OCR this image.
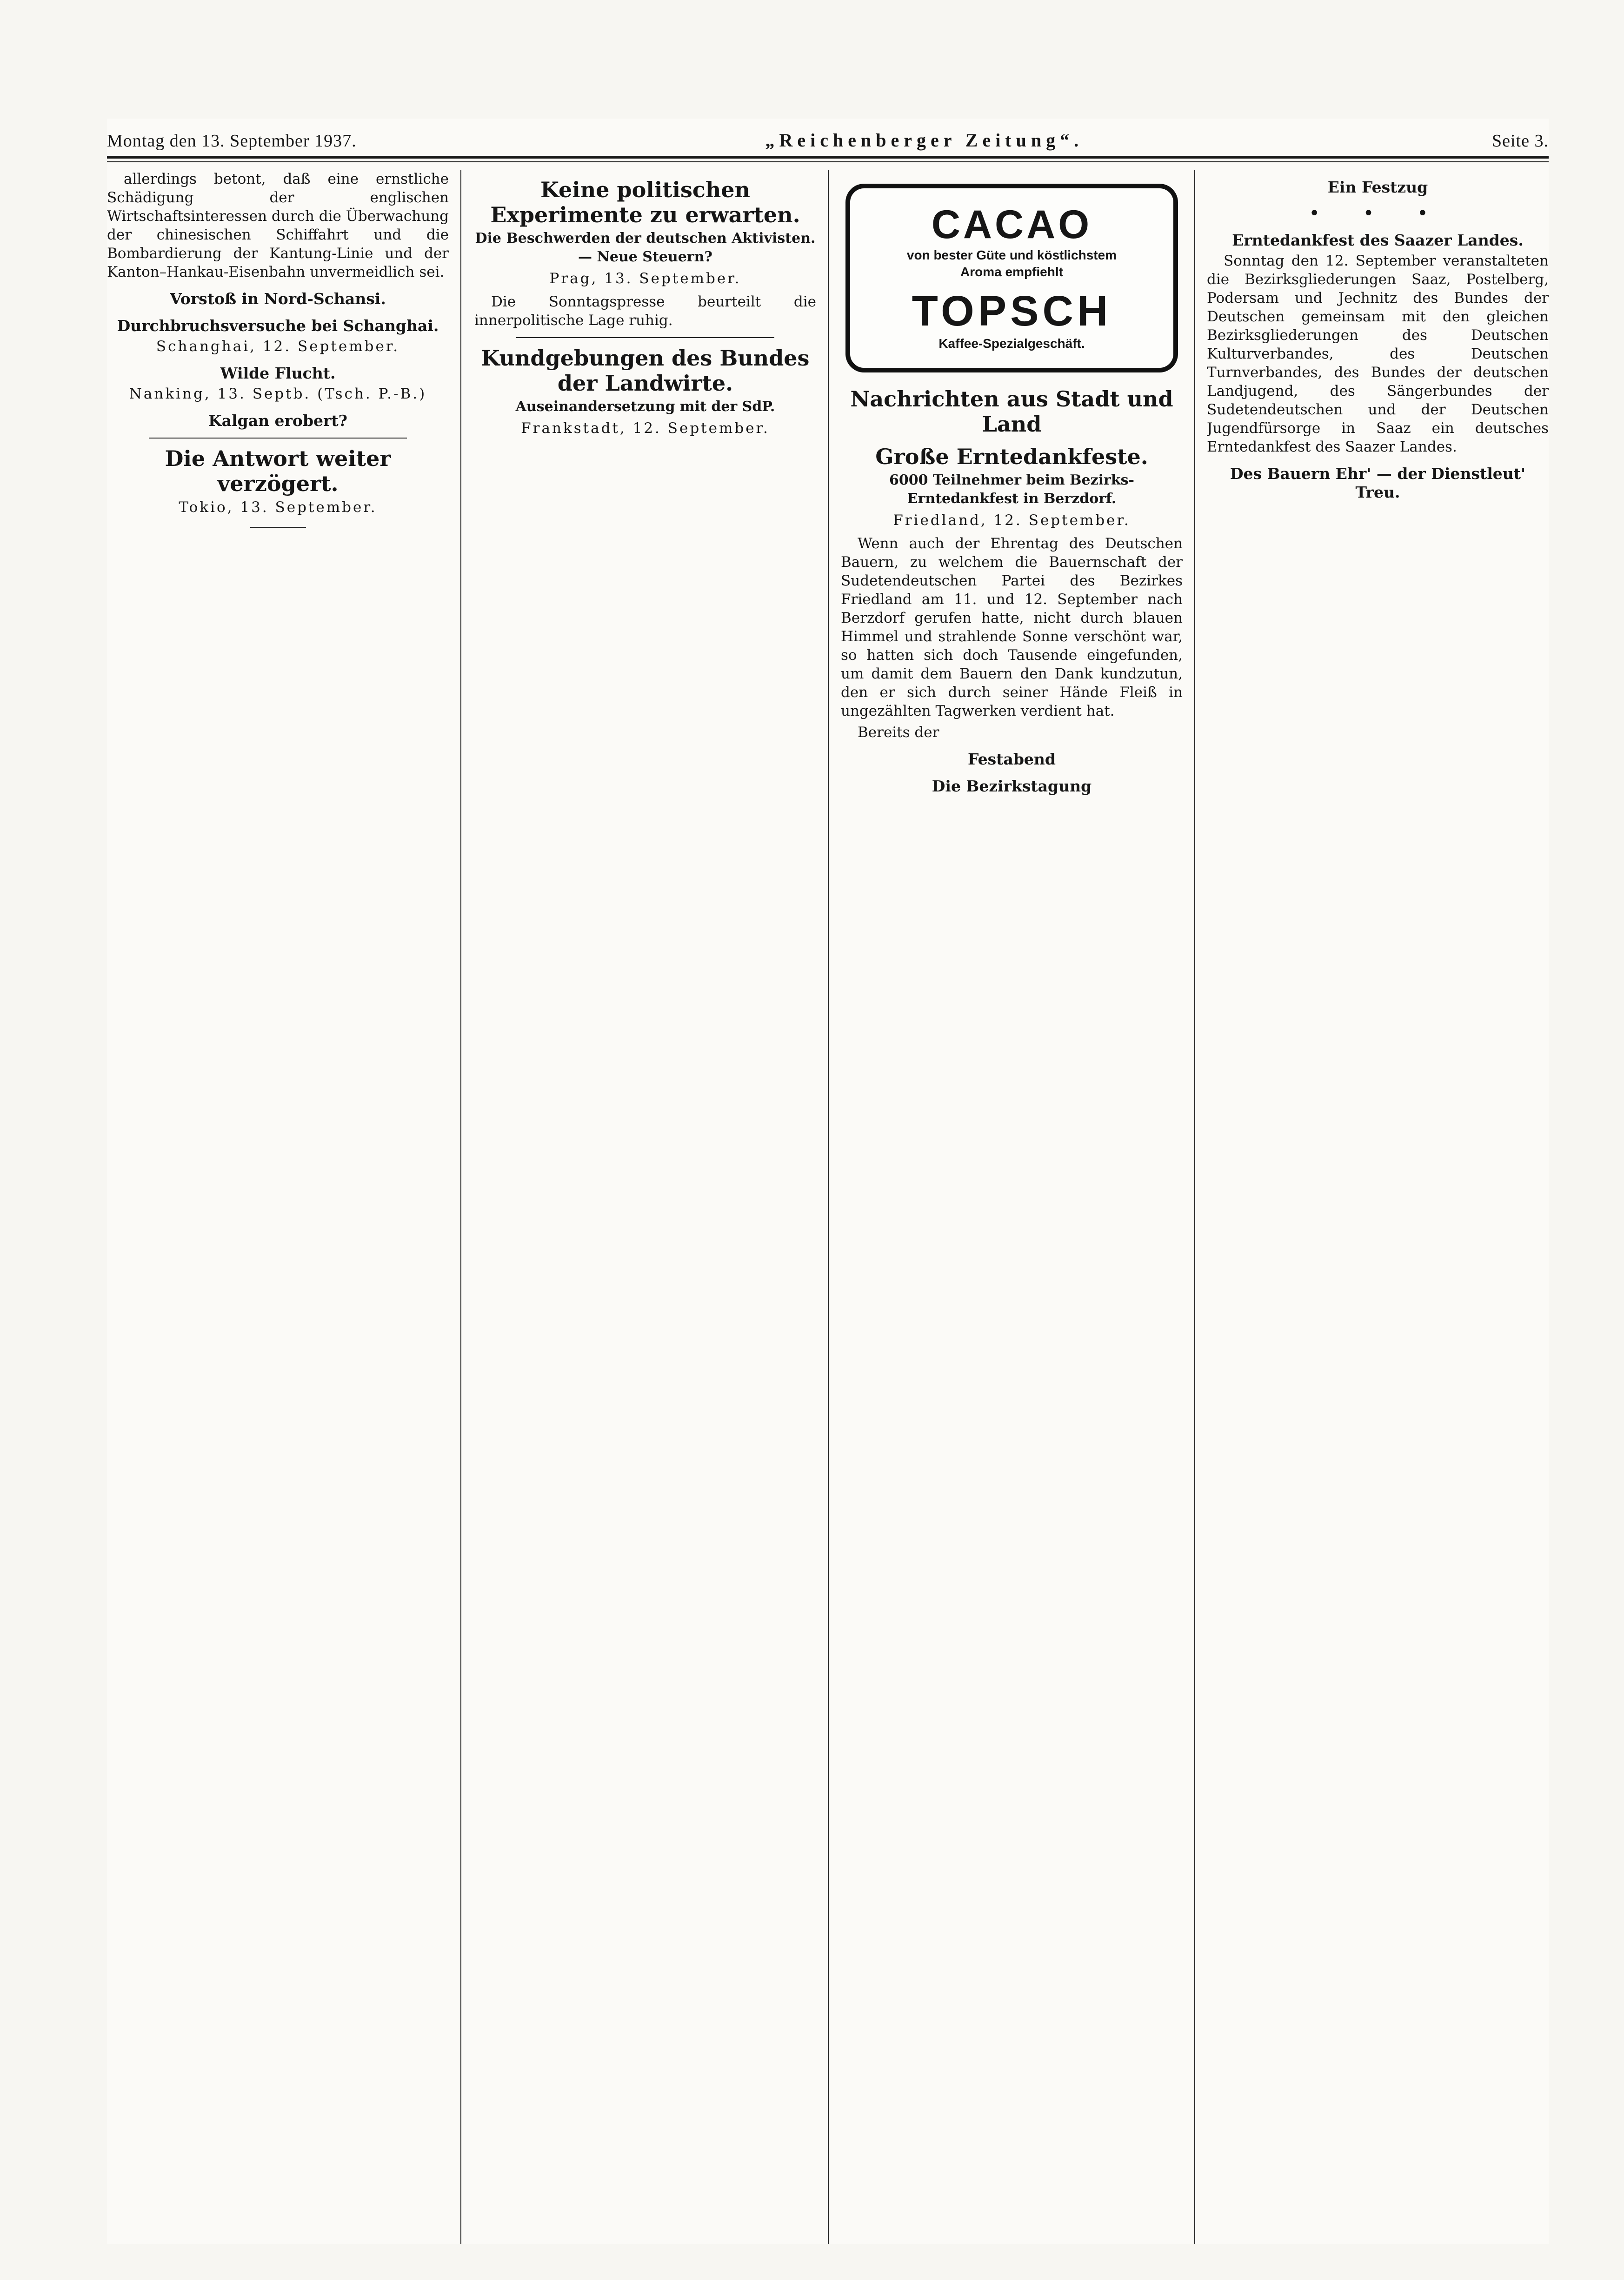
Montag den 13. September 1937.	„Reichenberger Zeitung“.	Seite 3.

allerdings betont, daß eine ernstliche Schädigung der englischen Wirtschaftsinteressen durch die Überwachung der chinesischen Schiffahrt und die Bombardierung der Kantung-Linie und der Kanton–Hankau-Eisenbahn unvermeidlich sei.

Vorstoß in Nord-Schansi.
Durchbruchsversuche bei Schanghai.
Schanghai, 12. September.
Wilde Flucht.
Nanking, 13. Septb. (Tsch. P.-B.)
Kalgan erobert?
Die Antwort weiter verzögert.
Tokio, 13. September.
Keine politischen Experimente zu erwarten.
Die Beschwerden der deutschen Aktivisten. — Neue Steuern?
Prag, 13. September.

Die Sonntagspresse beurteilt die innerpolitische Lage ruhig.

Kundgebungen des Bundes der Landwirte.
Auseinandersetzung mit der SdP.
Frankstadt, 12. September.
CACAO
von bester Güte und köstlichstem
Aroma empfiehlt
TOPSCH
Kaffee-Spezialgeschäft.
Nachrichten aus Stadt und Land
Große Erntedankfeste.
6000 Teilnehmer beim Bezirks-Erntedankfest in Berzdorf.
Friedland, 12. September.

Wenn auch der Ehrentag des Deutschen Bauern, zu welchem die Bauernschaft der Sudetendeutschen Partei des Bezirkes Friedland am 11. und 12. September nach Berzdorf gerufen hatte, nicht durch blauen Himmel und strahlende Sonne verschönt war, so hatten sich doch Tausende eingefunden, um damit dem Bauern den Dank kundzutun, den er sich durch seiner Hände Fleiß in ungezählten Tagwerken verdient hat.

Bereits der

Festabend
Die Bezirkstagung
Ein Festzug
• • •
Erntedankfest des Saazer Landes.

Sonntag den 12. September veranstalteten die Bezirksgliederungen Saaz, Postelberg, Podersam und Jechnitz des Bundes der Deutschen gemeinsam mit den gleichen Bezirksgliederungen des Deutschen Kulturverbandes, des Deutschen Turnverbandes, des Bundes der deutschen Landjugend, des Sängerbundes der Sudetendeutschen und der Deutschen Jugendfürsorge in Saaz ein deutsches Erntedankfest des Saazer Landes.

Des Bauern Ehr' — der Dienstleut' Treu.
